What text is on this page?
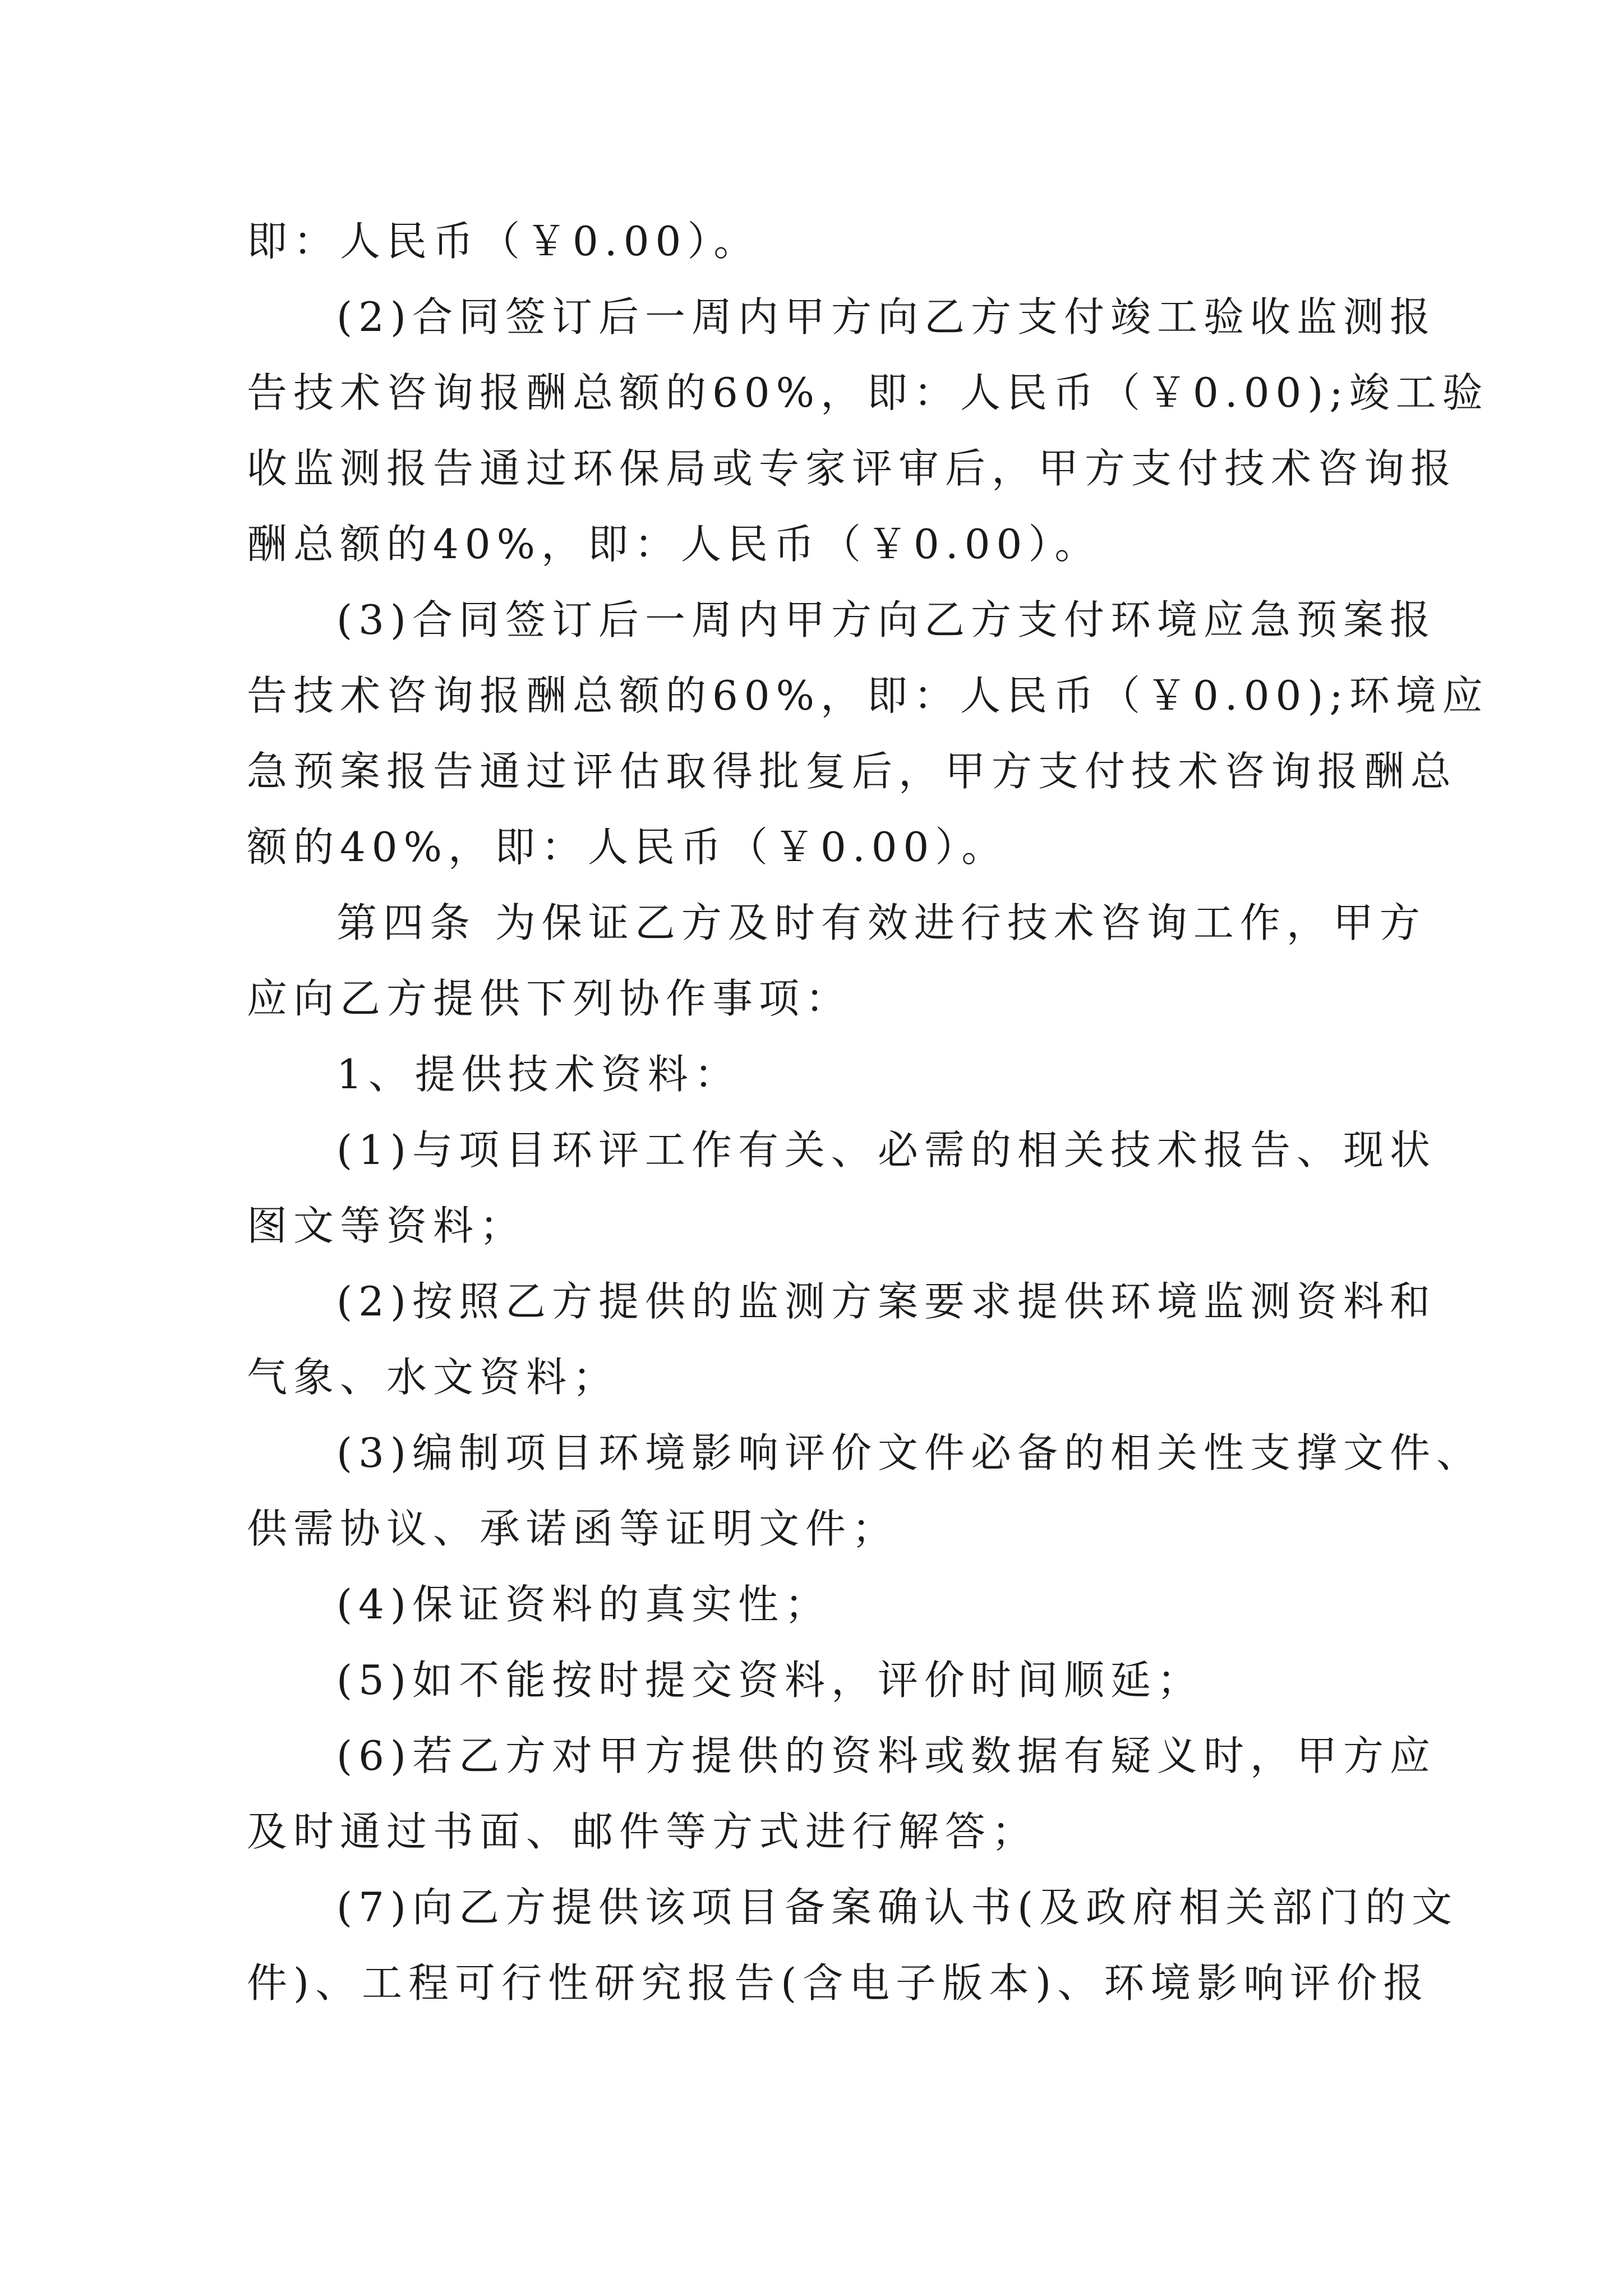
即：人民币（￥0.00）。
(2)合同签订后一周内甲方向乙方支付竣工验收监测报
告技术咨询报酬总额的60%，即：人民币（￥0.00);竣工验
收监测报告通过环保局或专家评审后，甲方支付技术咨询报
酬总额的40%，即：人民币（￥0.00）。
(3)合同签订后一周内甲方向乙方支付环境应急预案报
告技术咨询报酬总额的60%，即：人民币（￥0.00);环境应
急预案报告通过评估取得批复后，甲方支付技术咨询报酬总
额的40%，即：人民币（￥0.00）。
第四条 为保证乙方及时有效进行技术咨询工作，甲方
应向乙方提供下列协作事项：
1、提供技术资料：
(1)与项目环评工作有关、必需的相关技术报告、现状
图文等资料；
(2)按照乙方提供的监测方案要求提供环境监测资料和
气象、水文资料；
(3)编制项目环境影响评价文件必备的相关性支撑文件、
供需协议、承诺函等证明文件；
(4)保证资料的真实性；
(5)如不能按时提交资料，评价时间顺延；
(6)若乙方对甲方提供的资料或数据有疑义时，甲方应
及时通过书面、邮件等方式进行解答；
(7)向乙方提供该项目备案确认书(及政府相关部门的文
件)、工程可行性研究报告(含电子版本)、环境影响评价报
